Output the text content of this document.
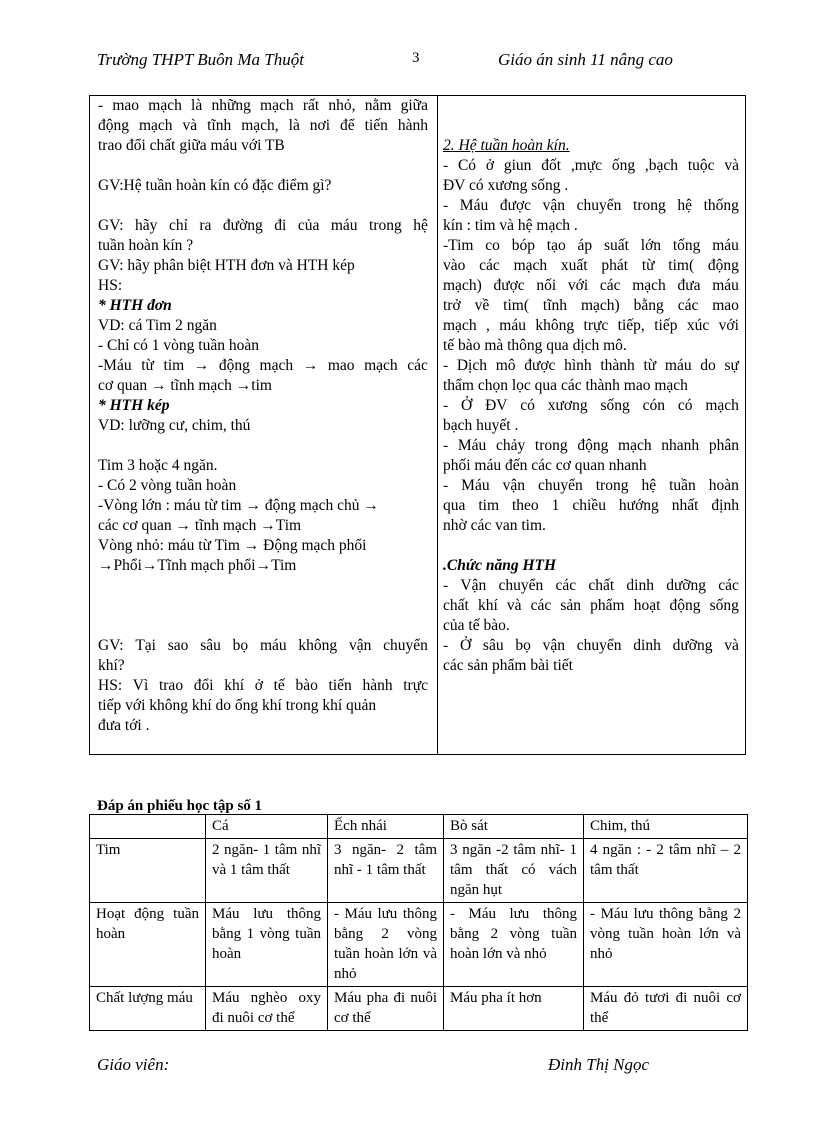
Trường THPT Buôn Ma Thuột	3	Giáo án sinh 11 nâng cao
- mao mạch là những mạch rất nhỏ, nằm giữa
động mạch và tĩnh mạch, là nơi để tiến hành
trao đổi chất giữa máu với TB
GV:Hệ tuần hoàn kín có đặc điểm gì?
GV: hãy chỉ ra đường đi của máu trong hệ
tuần hoàn kín ?
GV: hãy phân biệt HTH đơn và HTH kép
HS:
* HTH đơn
VD: cá Tim 2 ngăn
- Chỉ có 1 vòng tuần hoàn
-Máu từ tim → động mạch → mao mạch các
cơ quan → tĩnh mạch →tim
* HTH kép
VD: lưỡng cư, chim, thú
Tim 3 hoặc 4 ngăn.
- Có 2 vòng tuần hoàn
-Vòng lớn : máu từ tim → động mạch chủ →
các cơ quan → tĩnh mạch →Tim
Vòng nhỏ: máu từ Tim → Động mạch phổi
→Phổi→Tĩnh mạch phổi→Tim
GV: Tại sao sâu bọ máu không vận chuyển
khí?
HS: Vì trao đổi khí ở tế bào tiến hành trực
tiếp với không khí do ống khí trong khí quản
đưa tới .
2. Hệ tuần hoàn kín.
- Có ở giun đốt ,mực ống ,bạch tuộc và
ĐV có xương sống .
- Máu được vận chuyển trong hệ thống
kín : tim và hệ mạch .
-Tim co bóp tạo áp suất lớn tống máu
vào các mạch xuất phát từ tim( động
mạch) được nối với các mạch đưa máu
trở về tim( tĩnh mạch) bằng các mao
mạch , máu không trực tiếp, tiếp xúc với
tế bào mà thông qua dịch mô.
- Dịch mô được hình thành từ máu do sự
thẩm chọn lọc qua các thành mao mạch
- Ở ĐV có xương sống cón có mạch
bạch huyết .
- Máu chảy trong động mạch nhanh phân
phối máu đến các cơ quan nhanh
- Máu vận chuyển trong hệ tuần hoàn
qua tim theo 1 chiều hướng nhất định
nhờ các van tim.
.Chức năng HTH
- Vận chuyển các chất dinh dưỡng các
chất khí và các sản phẩm hoạt động sống
của tế bào.
- Ở sâu bọ vận chuyển dinh dưỡng và
các sản phẩm bài tiết
Đáp án phiếu học tập số 1
	Cá	Ếch nhái	Bò sát	Chim, thú
Tim	2 ngăn- 1 tâm nhĩ và 1 tâm thất	3 ngăn- 2 tâm nhĩ - 1 tâm thất	3 ngăn -2 tâm nhĩ- 1 tâm thất có vách ngăn hụt	4 ngăn : - 2 tâm nhĩ – 2 tâm thất
Hoạt động tuần hoàn	Máu lưu thông bằng 1 vòng tuần hoàn	- Máu lưu thông bằng 2 vòng tuần hoàn lớn và nhỏ	- Máu lưu thông bằng 2 vòng tuần hoàn lớn và nhỏ	- Máu lưu thông bằng 2 vòng tuần hoàn lớn và nhỏ
Chất lượng máu	Máu nghèo oxy đi nuôi cơ thể	Máu pha đi nuôi cơ thể	Máu pha ít hơn	Máu đỏ tươi đi nuôi cơ thể
Giáo viên:	Đinh Thị Ngọc
